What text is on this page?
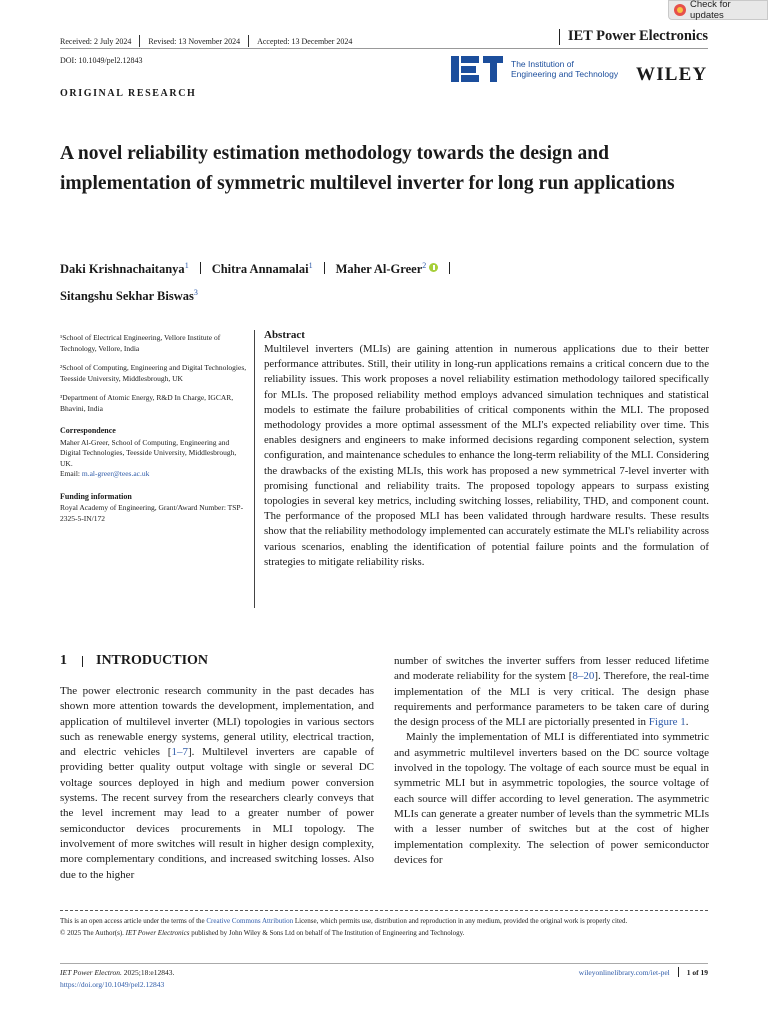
Check for updates
Received: 2 July 2024 Revised: 13 November 2024 Accepted: 13 December 2024	IET Power Electronics
DOI: 10.1049/pel2.12843	The Institution of
Engineering and Technology WILEY
ORIGINAL RESEARCH
A novel reliability estimation methodology towards the design and implementation of symmetric multilevel inverter for long run applications
Daki Krishnachaitanya$^1$ Chitra Annamalai$^1$ Maher Al-Greer$^2$
Sitangshu Sekhar Biswas$^3$
¹School of Electrical Engineering, Vellore Institute of Technology, Vellore, India
²School of Computing, Engineering and Digital Technologies, Teesside University, Middlesbrough, UK
³Department of Atomic Energy, R&D In Charge, IGCAR, Bhavini, India
Correspondence
Maher Al-Greer, School of Computing, Engineering and Digital Technologies, Teesside University, Middlesbrough, UK.
Email: m.al-greer@tees.ac.uk
Funding information
Royal Academy of Engineering, Grant/Award Number: TSP-2325-5-IN/172
Abstract

Multilevel inverters (MLIs) are gaining attention in numerous applications due to their better performance attributes. Still, their utility in long-run applications remains a critical concern due to the reliability issues. This work proposes a novel reliability estimation methodology tailored specifically for MLIs. The proposed reliability method employs advanced simulation techniques and statistical models to estimate the failure probabilities of critical components within the MLI. The proposed methodology provides a more optimal assessment of the MLI's expected reliability over time. This enables designers and engineers to make informed decisions regarding component selection, system configuration, and maintenance schedules to enhance the long-term reliability of the MLI. Considering the drawbacks of the existing MLIs, this work has proposed a new symmetrical 7-level inverter with promising functional and reliability traits. The proposed topology appears to surpass existing topologies in several key metrics, including switching losses, reliability, THD, and component count. The performance of the proposed MLI has been validated through hardware results. These results show that the reliability methodology implemented can accurately estimate the MLI's reliability across various scenarios, enabling the identification of potential failure points and the formulation of strategies to mitigate reliability risks.

1 INTRODUCTION

The power electronic research community in the past decades has shown more attention towards the development, implementation, and application of multilevel inverter (MLI) topologies in various sectors such as renewable energy systems, general utility, electrical traction, and electric vehicles [1–7]. Multilevel inverters are capable of providing better quality output voltage with single or several DC voltage sources deployed in high and medium power conversion systems. The recent survey from the researchers clearly conveys that the level increment may lead to a greater number of power semiconductor devices procurements in MLI topology. The involvement of more switches will result in higher design complexity, more complementary conditions, and increased switching losses. Also due to the higher

number of switches the inverter suffers from lesser reduced lifetime and moderate reliability for the system [8–20]. Therefore, the real-time implementation of the MLI is very critical. The design phase requirements and performance parameters to be taken care of during the design process of the MLI are pictorially presented in Figure 1.

Mainly the implementation of MLI is differentiated into symmetric and asymmetric multilevel inverters based on the DC source voltage involved in the topology. The voltage of each source must be equal in symmetric MLI but in asymmetric topologies, the source voltage of each source will differ according to level generation. The asymmetric MLIs can generate a greater number of levels than the symmetric MLIs with a lesser number of switches but at the cost of higher implementation complexity. The selection of power semiconductor devices for

This is an open access article under the terms of the Creative Commons Attribution License, which permits use, distribution and reproduction in any medium, provided the original work is properly cited.
© 2025 The Author(s). IET Power Electronics published by John Wiley & Sons Ltd on behalf of The Institution of Engineering and Technology.
IET Power Electron. 2025;18:e12843.
https://doi.org/10.1049/pel2.12843
wileyonlinelibrary.com/iet-pel 1 of 19
